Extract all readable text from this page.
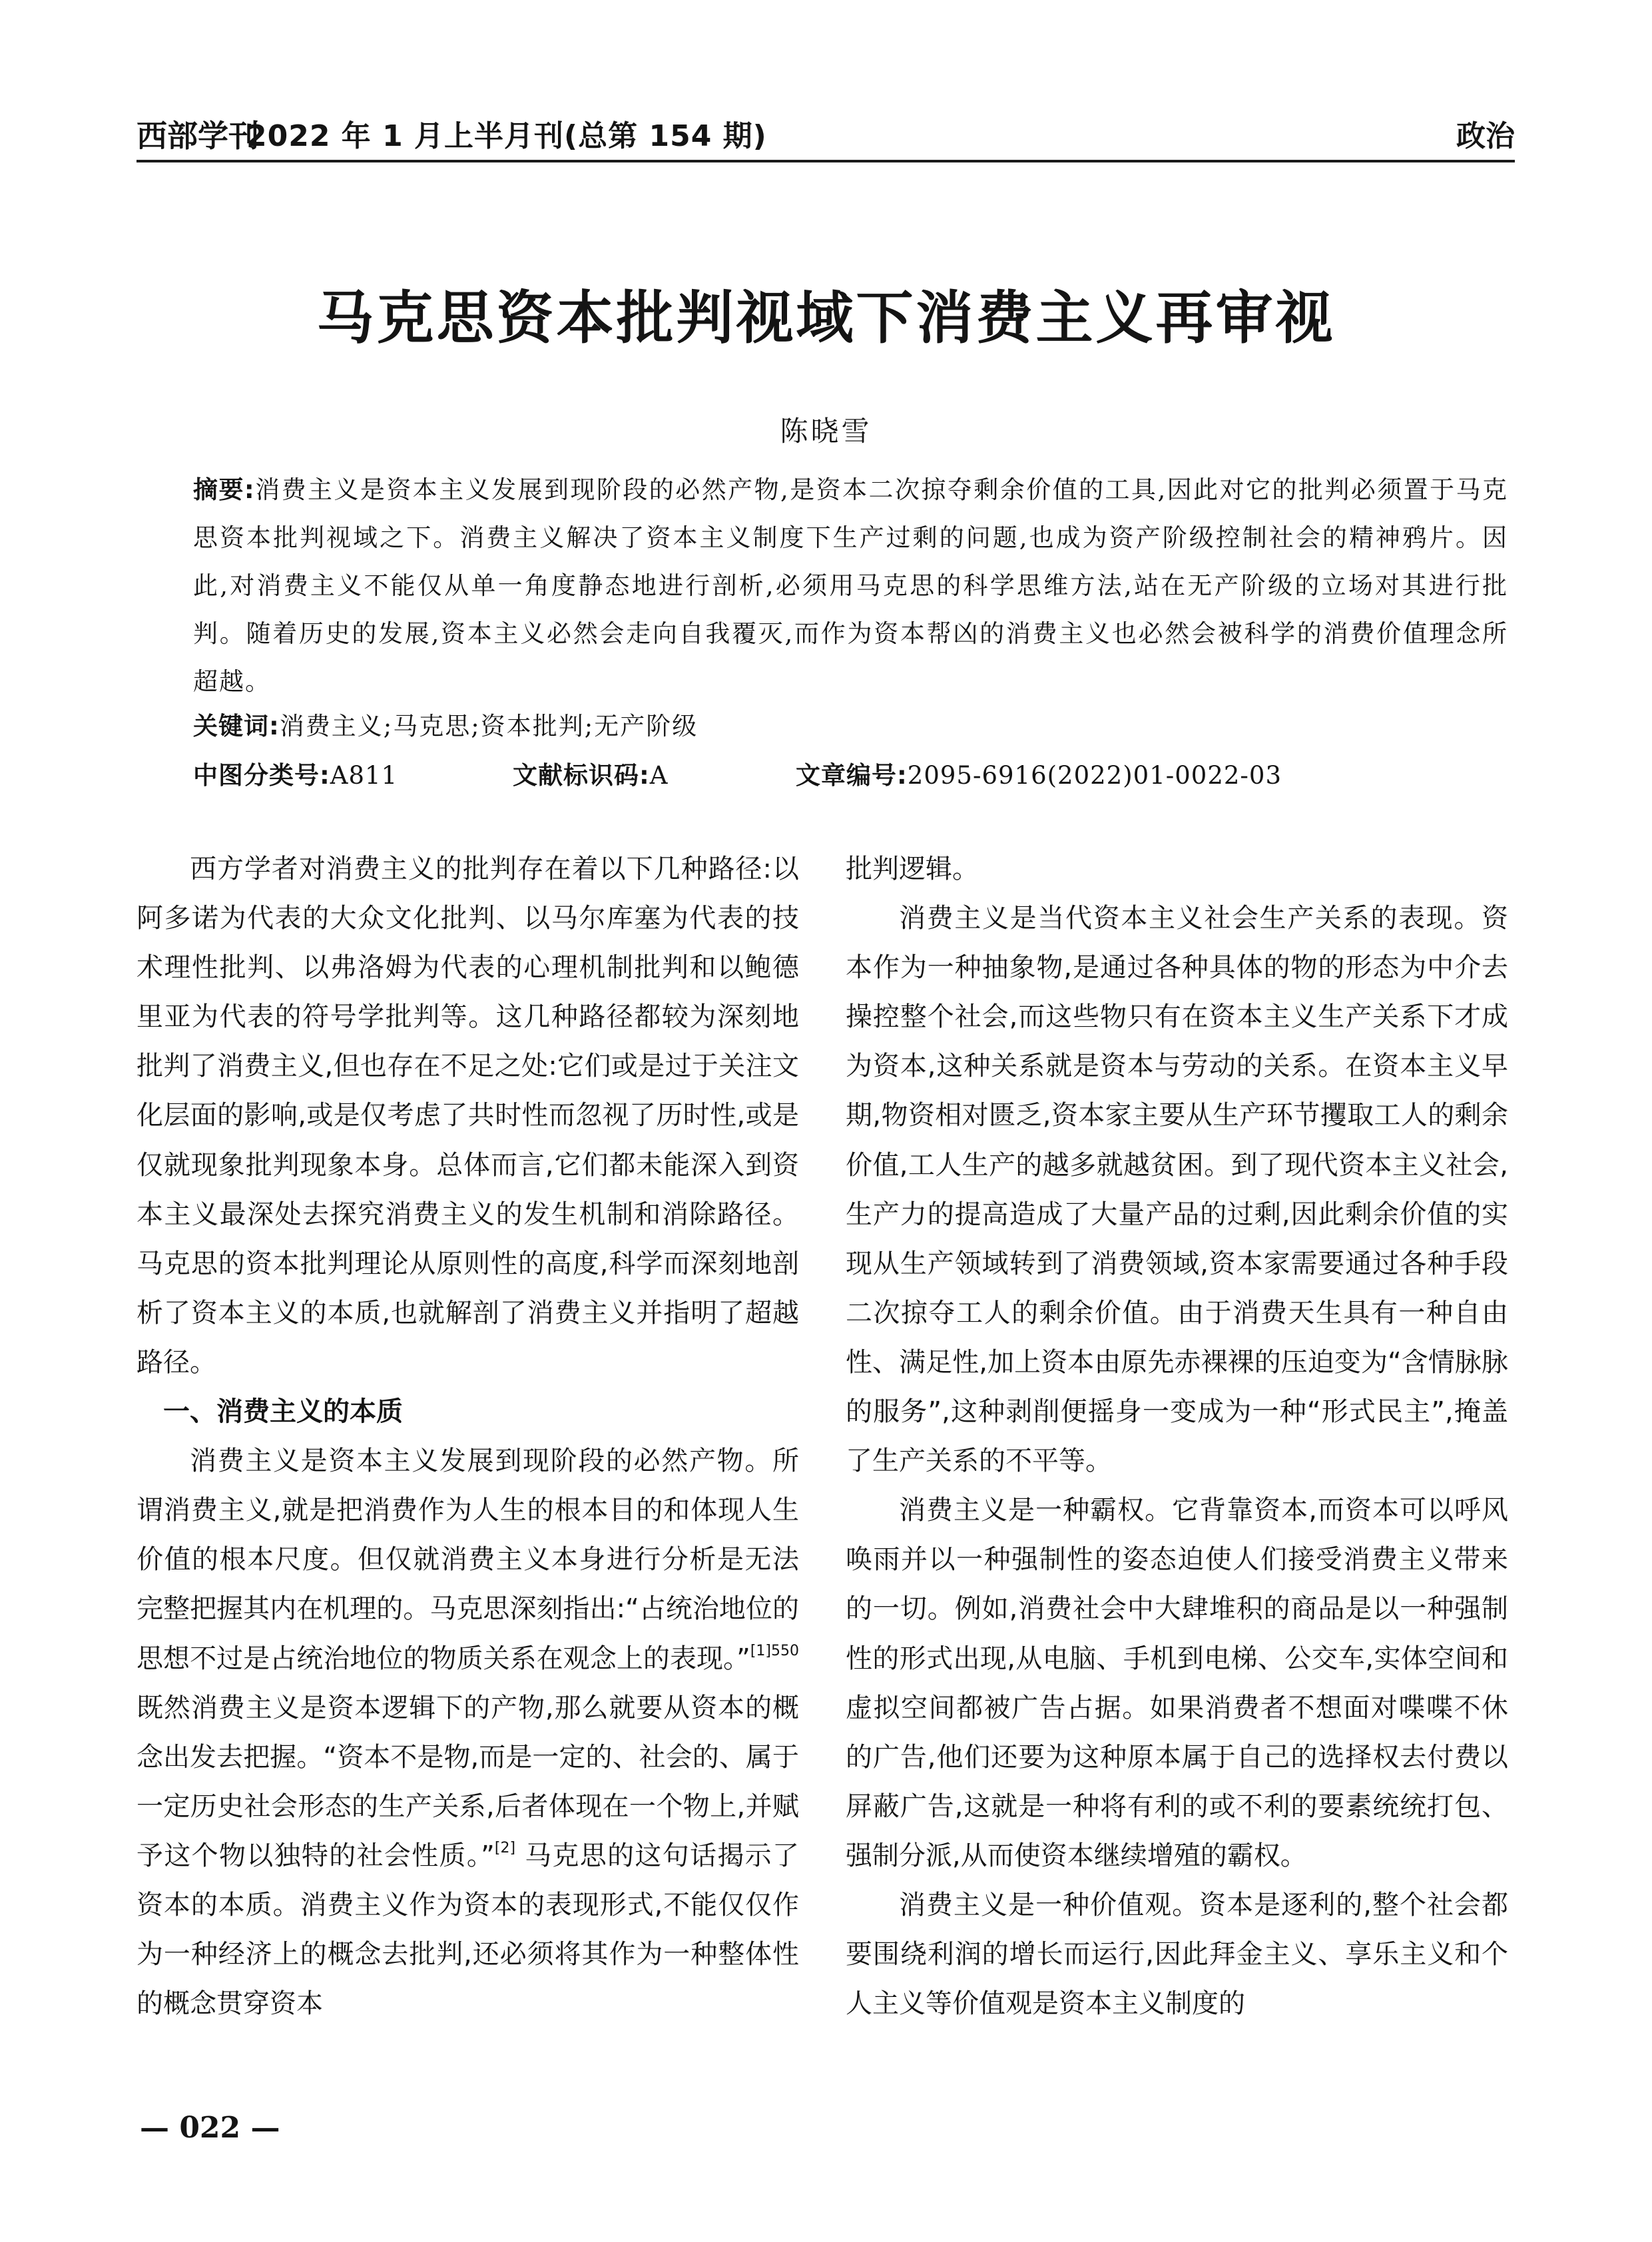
西部学刊
2022 年 1 月上半月刊(总第 154 期)	政治
马克思资本批判视域下消费主义再审视
陈晓雪
摘要:消费主义是资本主义发展到现阶段的必然产物,是资本二次掠夺剩余价值的工具,因此对它的批判必须置于马克思资本批判视域之下。消费主义解决了资本主义制度下生产过剩的问题,也成为资产阶级控制社会的精神鸦片。因此,对消费主义不能仅从单一角度静态地进行剖析,必须用马克思的科学思维方法,站在无产阶级的立场对其进行批判。随着历史的发展,资本主义必然会走向自我覆灭,而作为资本帮凶的消费主义也必然会被科学的消费价值理念所超越。
关键词:消费主义;马克思;资本批判;无产阶级
中图分类号:A811	文献标识码:A	文章编号:2095-6916(2022)01-0022-03

西方学者对消费主义的批判存在着以下几种路径:以阿多诺为代表的大众文化批判、以马尔库塞为代表的技术理性批判、以弗洛姆为代表的心理机制批判和以鲍德里亚为代表的符号学批判等。这几种路径都较为深刻地批判了消费主义,但也存在不足之处:它们或是过于关注文化层面的影响,或是仅考虑了共时性而忽视了历时性,或是仅就现象批判现象本身。总体而言,它们都未能深入到资本主义最深处去探究消费主义的发生机制和消除路径。马克思的资本批判理论从原则性的高度,科学而深刻地剖析了资本主义的本质,也就解剖了消费主义并指明了超越路径。

一、消费主义的本质

消费主义是资本主义发展到现阶段的必然产物。所谓消费主义,就是把消费作为人生的根本目的和体现人生价值的根本尺度。但仅就消费主义本身进行分析是无法完整把握其内在机理的。马克思深刻指出:“占统治地位的思想不过是占统治地位的物质关系在观念上的表现。”$^{[1]550}$ 既然消费主义是资本逻辑下的产物,那么就要从资本的概念出发去把握。“资本不是物,而是一定的、社会的、属于一定历史社会形态的生产关系,后者体现在一个物上,并赋予这个物以独特的社会性质。”[2] 马克思的这句话揭示了资本的本质。消费主义作为资本的表现形式,不能仅仅作为一种经济上的概念去批判,还必须将其作为一种整体性的概念贯穿资本

批判逻辑。

消费主义是当代资本主义社会生产关系的表现。资本作为一种抽象物,是通过各种具体的物的形态为中介去操控整个社会,而这些物只有在资本主义生产关系下才成为资本,这种关系就是资本与劳动的关系。在资本主义早期,物资相对匮乏,资本家主要从生产环节攫取工人的剩余价值,工人生产的越多就越贫困。到了现代资本主义社会,生产力的提高造成了大量产品的过剩,因此剩余价值的实现从生产领域转到了消费领域,资本家需要通过各种手段二次掠夺工人的剩余价值。由于消费天生具有一种自由性、满足性,加上资本由原先赤裸裸的压迫变为“含情脉脉的服务”,这种剥削便摇身一变成为一种“形式民主”,掩盖了生产关系的不平等。

消费主义是一种霸权。它背靠资本,而资本可以呼风唤雨并以一种强制性的姿态迫使人们接受消费主义带来的一切。例如,消费社会中大肆堆积的商品是以一种强制性的形式出现,从电脑、手机到电梯、公交车,实体空间和虚拟空间都被广告占据。如果消费者不想面对喋喋不休的广告,他们还要为这种原本属于自己的选择权去付费以屏蔽广告,这就是一种将有利的或不利的要素统统打包、强制分派,从而使资本继续增殖的霸权。

消费主义是一种价值观。资本是逐利的,整个社会都要围绕利润的增长而运行,因此拜金主义、享乐主义和个人主义等价值观是资本主义制度的

— 022 —
